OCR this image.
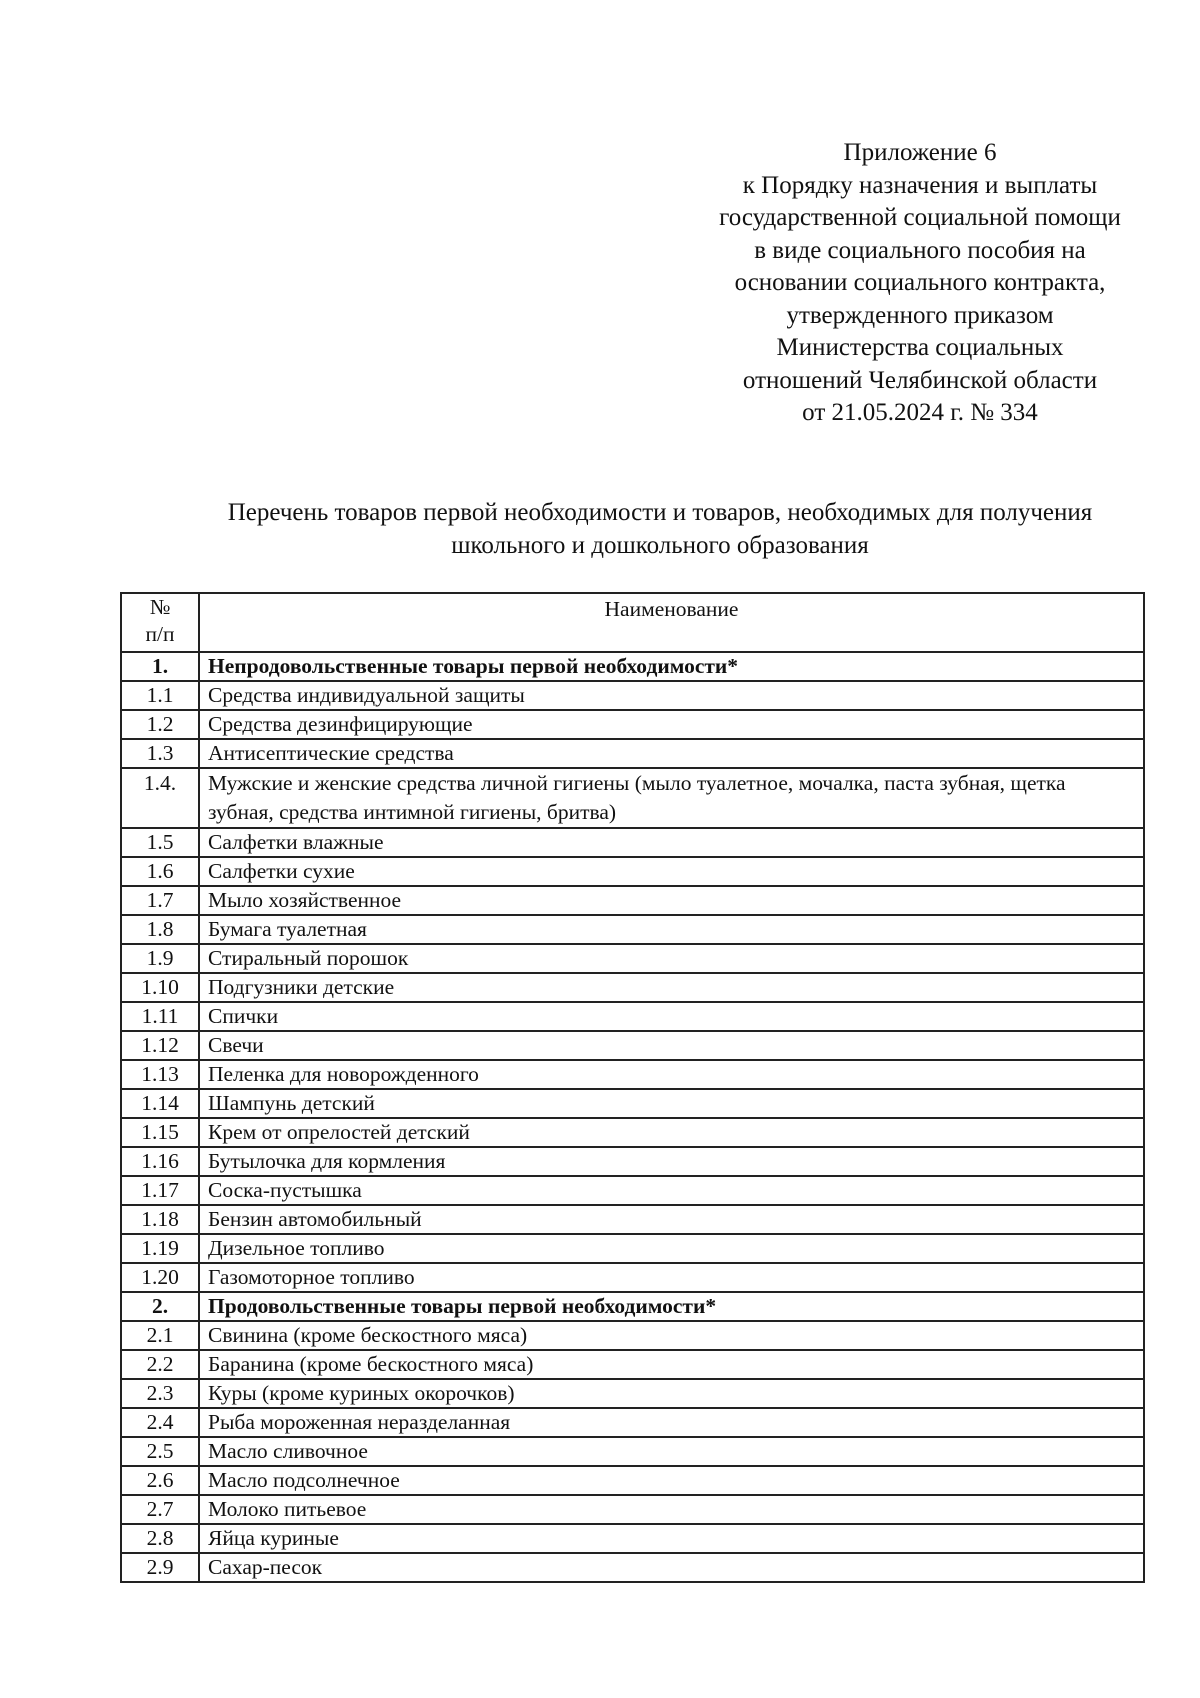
Приложение 6
к Порядку назначения и выплаты
государственной социальной помощи
в виде социального пособия на
основании социального контракта,
утвержденного приказом
Министерства социальных
отношений Челябинской области
от 21.05.2024 г. № 334
Перечень товаров первой необходимости и товаров, необходимых для получения
школьного и дошкольного образования
№
п/п	Наименование
1.	Непродовольственные товары первой необходимости*
1.1	Средства индивидуальной защиты
1.2	Средства дезинфицирующие
1.3	Антисептические средства
1.4.	Мужские и женские средства личной гигиены (мыло туалетное, мочалка, паста зубная, щетка зубная, средства интимной гигиены, бритва)
1.5	Салфетки влажные
1.6	Салфетки сухие
1.7	Мыло хозяйственное
1.8	Бумага туалетная
1.9	Стиральный порошок
1.10	Подгузники детские
1.11	Спички
1.12	Свечи
1.13	Пеленка для новорожденного
1.14	Шампунь детский
1.15	Крем от опрелостей детский
1.16	Бутылочка для кормления
1.17	Соска-пустышка
1.18	Бензин автомобильный
1.19	Дизельное топливо
1.20	Газомоторное топливо
2.	Продовольственные товары первой необходимости*
2.1	Свинина (кроме бескостного мяса)
2.2	Баранина (кроме бескостного мяса)
2.3	Куры (кроме куриных окорочков)
2.4	Рыба мороженная неразделанная
2.5	Масло сливочное
2.6	Масло подсолнечное
2.7	Молоко питьевое
2.8	Яйца куриные
2.9	Сахар-песок
